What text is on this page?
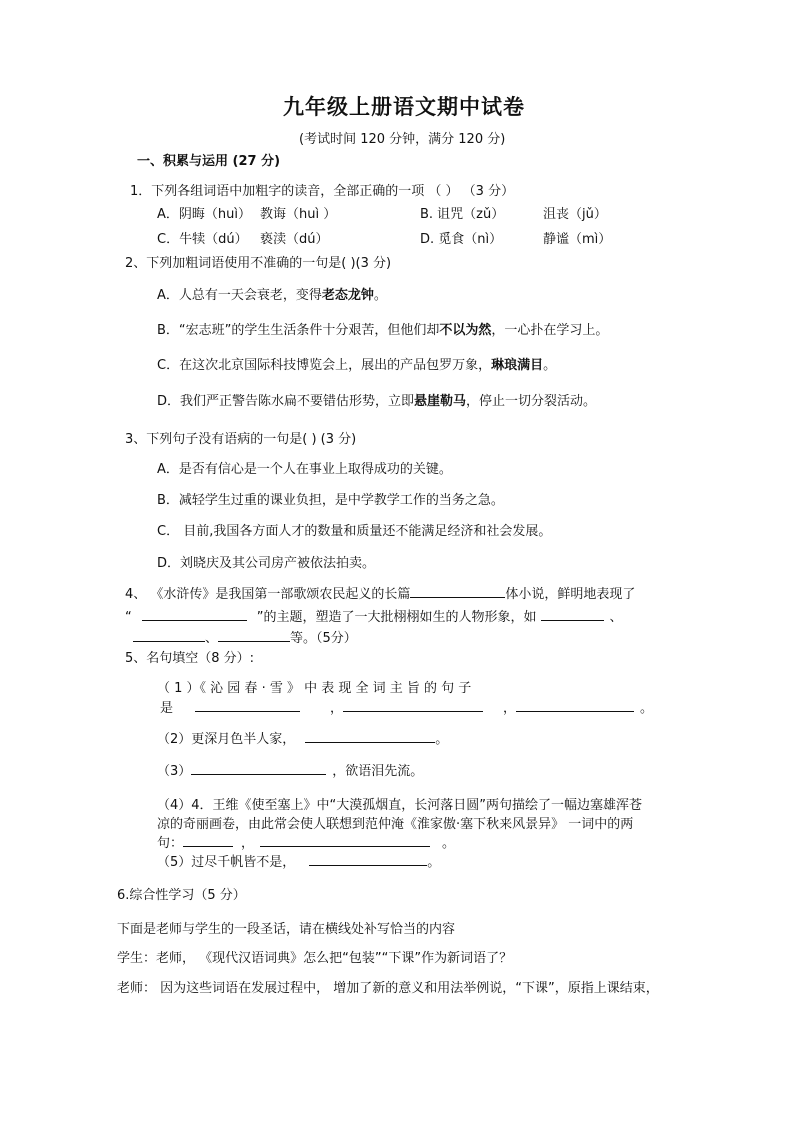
九年级上册语文期中试卷
(考试时间 120 分钟，满分 120 分)
一、积累与运用 (27 分)
1．下列各组词语中加粗字的读音，全部正确的一项 （ ） （3 分）
A．阴晦（huì） 教诲（huì ）	B. 诅咒（zǔ）	沮丧（jǔ）
C．牛犊（dú） 亵渎（dú）	D. 觅食（nì）	静谧（mì）
2、下列加粗词语使用不准确的一句是( )(3 分)
A．人总有一天会衰老，变得老态龙钟。
B．“宏志班”的学生生活条件十分艰苦，但他们却不以为然，一心扑在学习上。
C．在这次北京国际科技博览会上，展出的产品包罗万象，琳琅满目。
D．我们严正警告陈水扁不要错估形势，立即悬崖勒马，停止一切分裂活动。
3、下列句子没有语病的一句是( ) (3 分)
A．是否有信心是一个人在事业上取得成功的关键。
B．减轻学生过重的课业负担，是中学教学工作的当务之急。
C． 目前,我国各方面人才的数量和质量还不能满足经济和社会发展。
D．刘晓庆及其公司房产被依法拍卖。
4、 《水浒传》是我国第一部歌颂农民起义的长篇	体小说，鲜明地表现了
“	”的主题，塑造了一大批栩栩如生的人物形象，如	、
、	等。（5分）
5、名句填空（8 分）:
（ 1 ）《 沁 园 春 · 雪 》 中 表 现 全 词 主 旨 的 句 子
是	，	，	。
（2）更深月色半人家，	。
（3）	，欲语泪先流。
（4）4．王维《使至塞上》中“大漠孤烟直，长河落日圆”两句描绘了一幅边塞雄浑苍
凉的奇丽画卷，由此常会使人联想到范仲淹《淮家傲·塞下秋来风景异》 一词中的两
句：	，	。
（5）过尽千帆皆不是，	。
6.综合性学习（5 分）
下面是老师与学生的一段圣话，请在横线处补写恰当的内容
学生：老师， 《现代汉语词典》怎么把“包装”“下课”作为新词语了？
老师： 因为这些词语在发展过程中， 增加了新的意义和用法举例说，“下课”，原指上课结束，
